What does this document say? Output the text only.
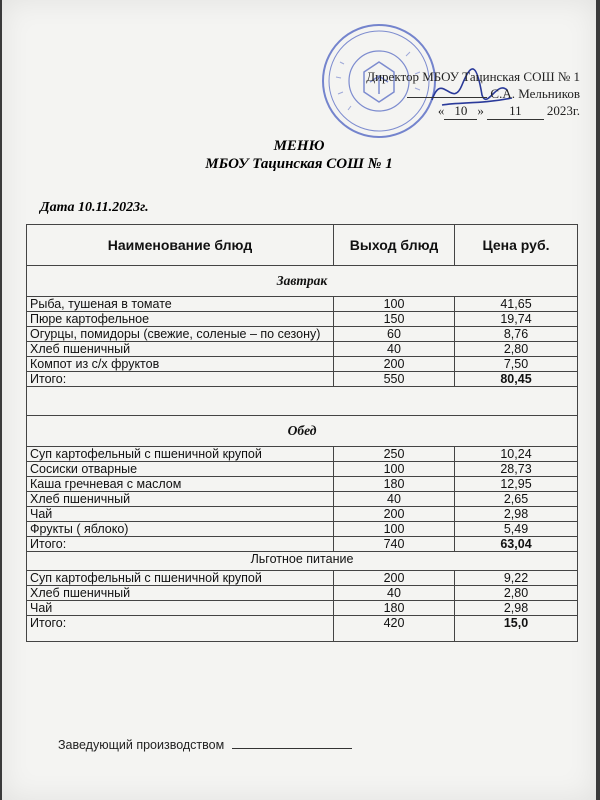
Директор МБОУ Тацинская СОШ № 1
С.А. Мельников
« 10 » 11 2023г.
МЕНЮ
МБОУ Тацинская СОШ № 1
Дата 10.11.2023г.
Наименование блюд	Выход блюд	Цена руб.
Завтрак		
Рыба, тушеная в томате	100	41,65
Пюре картофельное	150	19,74
Огурцы, помидоры (свежие, соленые – по сезону)	60	8,76
Хлеб пшеничный	40	2,80
Компот из с/х фруктов	200	7,50
Итого:	550	80,45

Обед		
Суп картофельный с пшеничной крупой	250	10,24
Сосиски отварные	100	28,73
Каша гречневая с маслом	180	12,95
Хлеб пшеничный	40	2,65
Чай	200	2,98
Фрукты ( яблоко)	100	5,49
Итого:	740	63,04
Льготное питание		
Суп картофельный с пшеничной крупой	200	9,22
Хлеб пшеничный	40	2,80
Чай	180	2,98
Итого:	420	15,0
Заведующий производством
